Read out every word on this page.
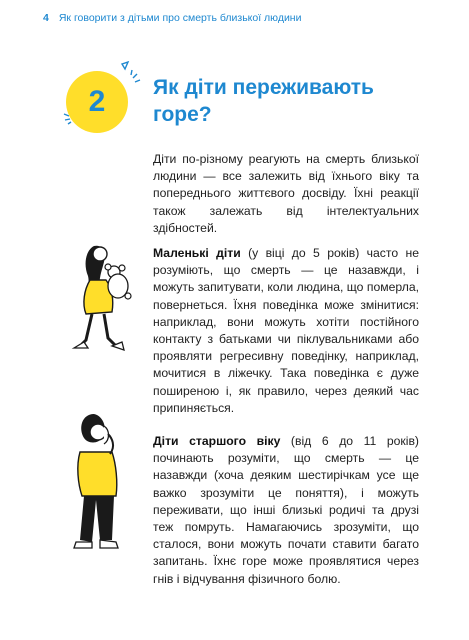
4 Як говорити з дітьми про смерть близької людини
2 Як діти переживають
горе?

Діти по-різному реагують на смерть близької людини — все залежить від їхнього віку та попереднього життєвого досвіду. Їхні реакції також залежать від інтелектуальних здібностей.

Маленькі діти (у віці до 5 років) часто не розуміють, що смерть — це назавжди, і можуть запитувати, коли людина, що померла, повернеться. Їхня поведінка може змінитися: наприклад, вони можуть хотіти постійного контакту з батьками чи піклувальниками або проявляти регресивну поведінку, наприклад, мочитися в ліжечку. Така поведінка є дуже поширеною і, як правило, через деякий час припиняється.

Діти старшого віку (від 6 до 11 років) починають розуміти, що смерть — це назавжди (хоча деяким шестирічкам усе ще важко зрозуміти це поняття), і можуть переживати, що інші близькі родичі та друзі теж помруть. Намагаючись зрозуміти, що сталося, вони можуть почати ставити багато запитань. Їхнє горе може проявлятися через гнів і відчування фізичного болю.
